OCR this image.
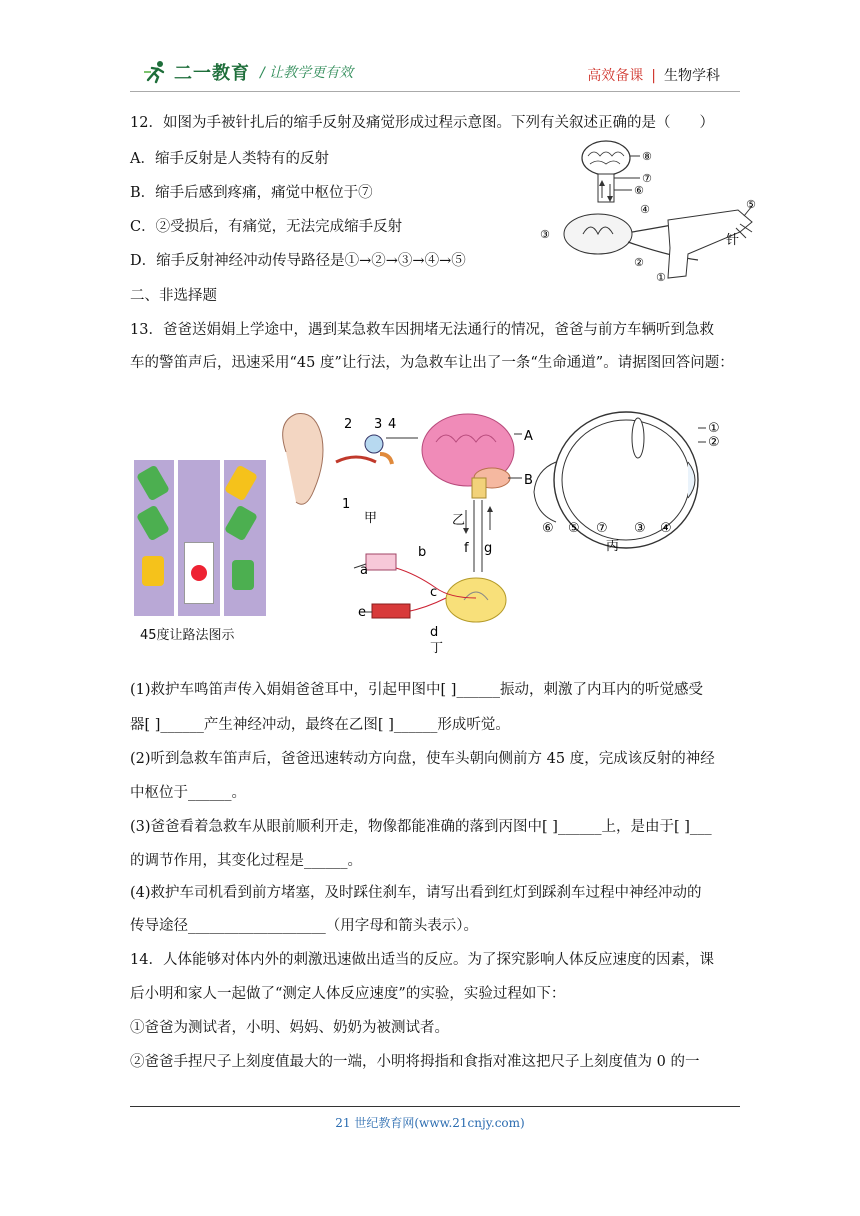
二一教育 / 让教学更有效	高效备课 | 生物学科
12．如图为手被针扎后的缩手反射及痛觉形成过程示意图。下列有关叙述正确的是（　　）
A．缩手反射是人类特有的反射
B．缩手后感到疼痛，痛觉中枢位于⑦
C．②受损后，有痛觉，无法完成缩手反射
D．缩手反射神经冲动传导路径是①→②→③→④→⑤
二、非选择题
13．爸爸送娟娟上学途中，遇到某急救车因拥堵无法通行的情况，爸爸与前方车辆听到急救
车的警笛声后，迅速采用“45 度”让行法，为急救车让出了一条“生命通道”。请据图回答问题：
⑧
⑦
⑥
⑤
④
③
②
①
针
45度让路法图示
2 3 4
1
甲
A
B
乙
f g
①
②
③ ④
⑤
⑥	⑦
丙
a
b
c
e
d
丁
(1)救护车鸣笛声传入娟娟爸爸耳中，引起甲图中[ ]______振动，刺激了内耳内的听觉感受
器[ ]______产生神经冲动，最终在乙图[ ]______形成听觉。
(2)听到急救车笛声后，爸爸迅速转动方向盘，使车头朝向侧前方 45 度，完成该反射的神经
中枢位于______。
(3)爸爸看着急救车从眼前顺利开走，物像都能准确的落到丙图中[ ]______上，是由于[ ]___
的调节作用，其变化过程是______。
(4)救护车司机看到前方堵塞，及时踩住刹车，请写出看到红灯到踩刹车过程中神经冲动的
传导途径___________________（用字母和箭头表示）。
14．人体能够对体内外的刺激迅速做出适当的反应。为了探究影响人体反应速度的因素，课
后小明和家人一起做了“测定人体反应速度”的实验，实验过程如下：
①爸爸为测试者，小明、妈妈、奶奶为被测试者。
②爸爸手捏尺子上刻度值最大的一端，小明将拇指和食指对准这把尺子上刻度值为 0 的一
21 世纪教育网(www.21cnjy.com)
